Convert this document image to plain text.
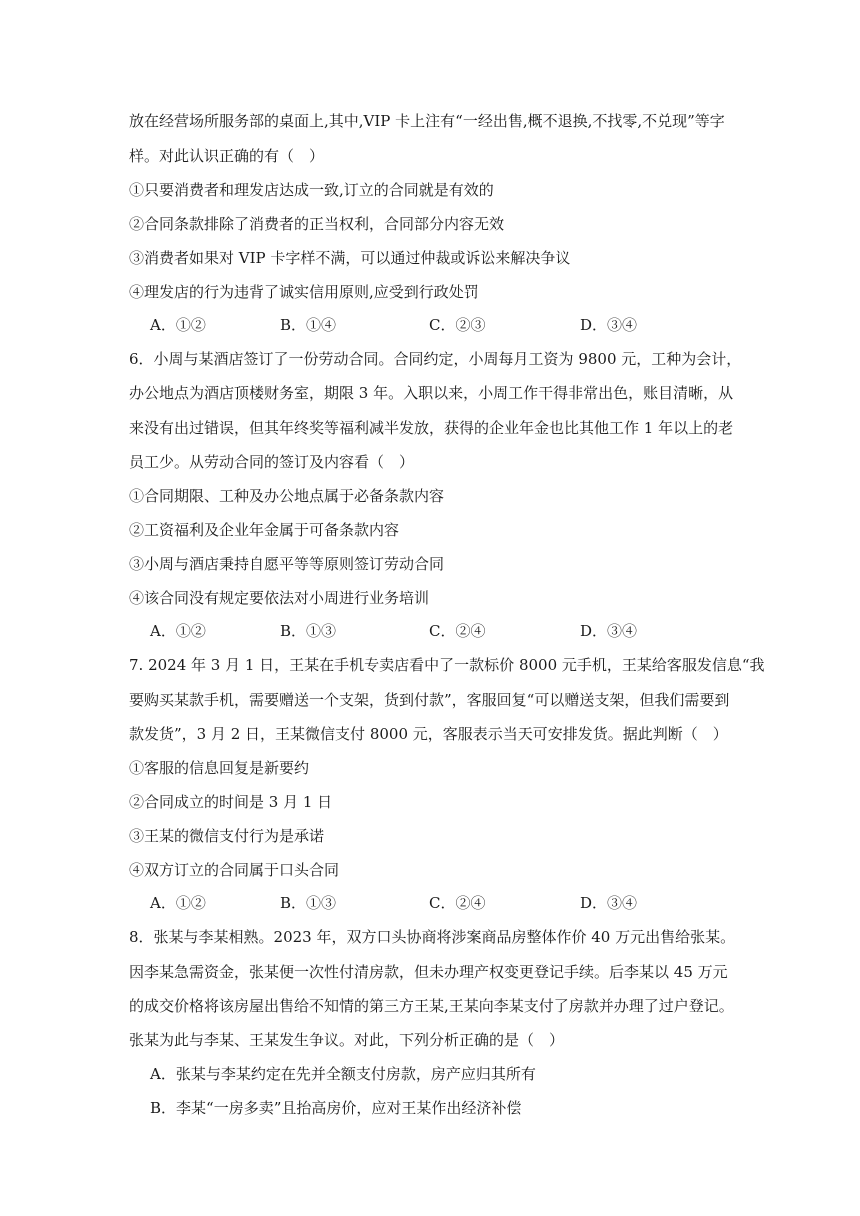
放在经营场所服务部的桌面上,其中,VIP 卡上注有“一经出售,概不退换,不找零,不兑现”等字
样。对此认识正确的有（　）
①只要消费者和理发店达成一致,订立的合同就是有效的
②合同条款排除了消费者的正当权利，合同部分内容无效
③消费者如果对 VIP 卡字样不满，可以通过仲裁或诉讼来解决争议
④理发店的行为违背了诚实信用原则,应受到行政处罚
A．①②	B．①④	C．②③	D．③④
6．小周与某酒店签订了一份劳动合同。合同约定，小周每月工资为 9800 元，工种为会计，
办公地点为酒店顶楼财务室，期限 3 年。入职以来，小周工作干得非常出色，账目清晰，从
来没有出过错误，但其年终奖等福利减半发放，获得的企业年金也比其他工作 1 年以上的老
员工少。从劳动合同的签订及内容看（　）
①合同期限、工种及办公地点属于必备条款内容
②工资福利及企业年金属于可备条款内容
③小周与酒店秉持自愿平等等原则签订劳动合同
④该合同没有规定要依法对小周进行业务培训
A．①②	B．①③	C．②④	D．③④
7. 2024 年 3 月 1 日，王某在手机专卖店看中了一款标价 8000 元手机，王某给客服发信息“我
要购买某款手机，需要赠送一个支架，货到付款”，客服回复“可以赠送支架，但我们需要到
款发货”，3 月 2 日，王某微信支付 8000 元，客服表示当天可安排发货。据此判断（　）
①客服的信息回复是新要约
②合同成立的时间是 3 月 1 日
③王某的微信支付行为是承诺
④双方订立的合同属于口头合同
A．①②	B．①③	C．②④	D．③④
8．张某与李某相熟。2023 年，双方口头协商将涉案商品房整体作价 40 万元出售给张某。
因李某急需资金，张某便一次性付清房款，但未办理产权变更登记手续。后李某以 45 万元
的成交价格将该房屋出售给不知情的第三方王某,王某向李某支付了房款并办理了过户登记。
张某为此与李某、王某发生争议。对此，下列分析正确的是（　）
A．张某与李某约定在先并全额支付房款，房产应归其所有
B．李某“一房多卖”且抬高房价，应对王某作出经济补偿
